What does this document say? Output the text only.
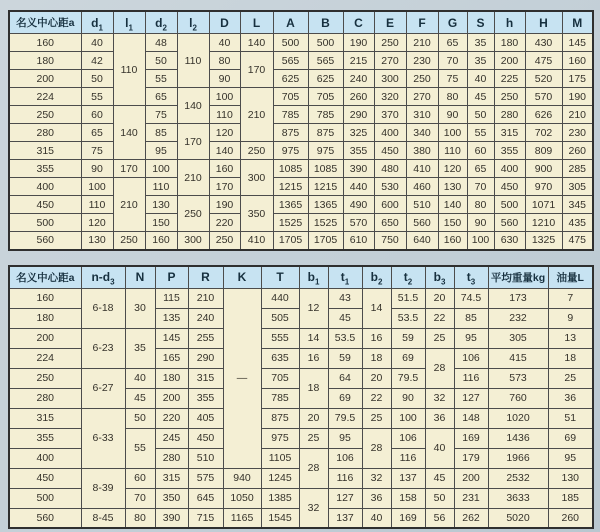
名义中心距a	$d_1$	$l_1$	$d_2$	$l_2$	D	L	A	B	C	E	F	G	S	h	H	M
160	40	110	48	110	40	140	500	500	190	250	210	65	35	180	430	145
180	42		50		80	170	565	565	215	270	230	70	35	200	475	160
200	50		55		90		625	625	240	300	250	75	40	225	520	175
224	55		65	140	100	210	705	705	260	320	270	80	45	250	570	190
250	60	140	75		110		785	785	290	370	310	90	50	280	626	210
280	65		85	170	120		875	875	325	400	340	100	55	315	702	230
315	75		95		140	250	975	975	355	450	380	110	60	355	809	260
355	90	170	100	210	160	300	1085	1085	390	480	410	120	65	400	900	285
400	100	210	110		170		1215	1215	440	530	460	130	70	450	970	305
450	110		130	250	190	350	1365	1365	490	600	510	140	80	500	1071	345
500	120		150		220		1525	1525	570	650	560	150	90	560	1210	435
560	130	250	160	300	250	410	1705	1705	610	750	640	160	100	630	1325	475
名义中心距a	$n-d_3$	N	P	R	K	T	$b_1$	$t_1$	$b_2$	$t_2$	$b_3$	$t_3$	平均重量kg	油量L
160	6-18	30	115	210	—	440	12	43	14	51.5	20	74.5	173	7
180			135	240		505		45		53.5	22	85	232	9
200	6-23	35	145	255		555	14	53.5	16	59	25	95	305	13
224			165	290		635	16	59	18	69	28	106	415	18
250	6-27	40	180	315		705	18	64	20	79.5		116	573	25
280		45	200	355		785		69	22	90	32	127	760	36
315	6-33	50	220	405		875	20	79.5	25	100	36	148	1020	51
355		55	245	450		975	25	95	28	106	40	169	1436	69
400			280	510		1105	28	106		116		179	1966	95
450	8-39	60	315	575	940	1245		116	32	137	45	200	2532	130
500		70	350	645	1050	1385	32	127	36	158	50	231	3633	185
560	8-45	80	390	715	1165	1545		137	40	169	56	262	5020	260
